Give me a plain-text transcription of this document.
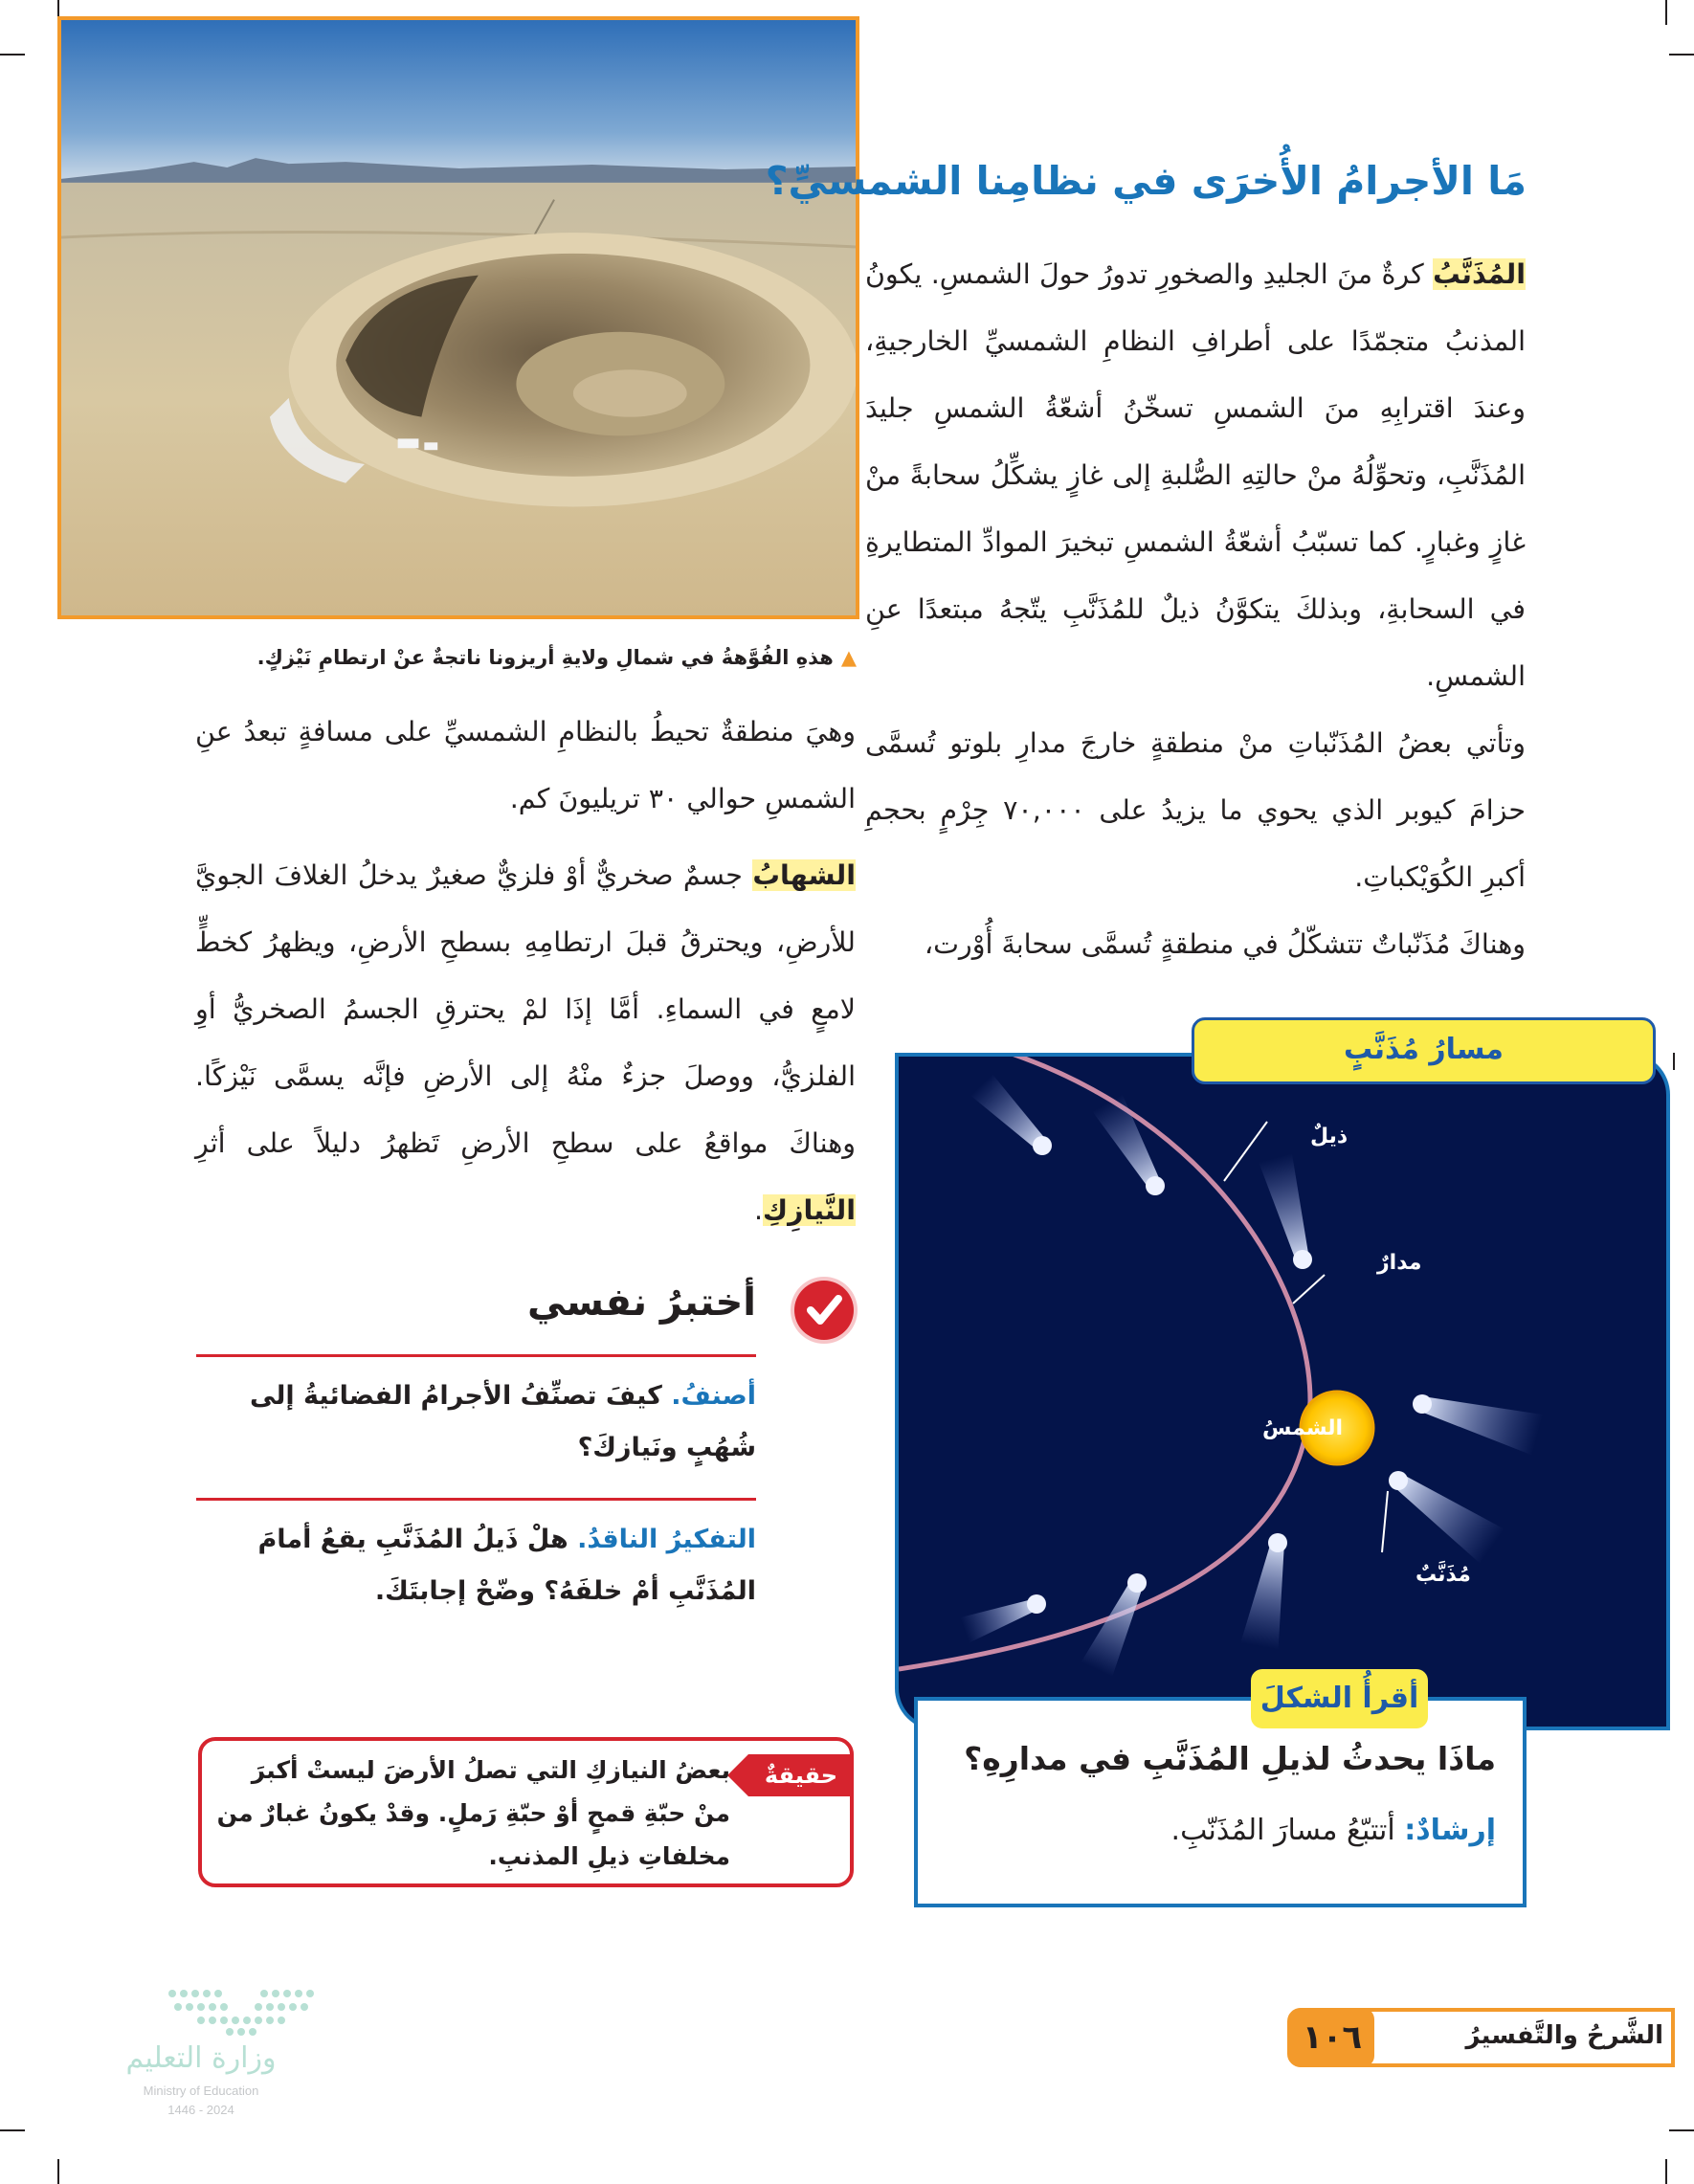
▲هذهِ الفُوَّهةُ في شمالِ ولايةِ أريزونا ناتجةٌ عنْ ارتطامِ نَيْزكٍ.
مَا الأجرامُ الأُخرَى في نظامِنا الشمسيِّ؟
المُذَنَّبُ كرةٌ منَ الجليدِ والصخورِ تدورُ حولَ الشمسِ. يكونُ المذنبُ متجمّدًا على أطرافِ النظامِ الشمسيِّ الخارجيةِ، وعندَ اقترابِهِ منَ الشمسِ تسخّنُ أشعّةُ الشمسِ جليدَ المُذَنَّبِ، وتحوِّلُهُ منْ حالتِهِ الصُّلبةِ إلى غازٍ يشكِّلُ سحابةً منْ غازٍ وغبارٍ. كما تسبّبُ أشعّةُ الشمسِ تبخيرَ الموادِّ المتطايرةِ في السحابةِ، وبذلكَ يتكوَّنُ ذيلٌ للمُذَنَّبِ يتّجهُ مبتعدًا عنِ الشمسِ.
وتأتي بعضُ المُذَنّباتِ منْ منطقةٍ خارجَ مدارِ بلوتو تُسمَّى حزامَ كيوبر الذي يحوي ما يزيدُ على ٧٠,٠٠٠ جِرْمٍ بحجمِ أكبرِ الكُوَيْكباتِ.
وهناكَ مُذَنّباتٌ تتشكّلُ في منطقةٍ تُسمَّى سحابةَ أُوْرت،
وهيَ منطقةٌ تحيطُ بالنظامِ الشمسيِّ على مسافةٍ تبعدُ عنِ الشمسِ حوالي ٣٠ تريليونَ كم.
الشهابُ جسمٌ صخريٌّ أوْ فلزيٌّ صغيرٌ يدخلُ الغلافَ الجويَّ للأرضِ، ويحترقُ قبلَ ارتطامِهِ بسطحِ الأرضِ، ويظهرُ كخطٍّ لامعٍ في السماءِ. أمَّا إذَا لمْ يحترقِ الجسمُ الصخريُّ أوِ الفلزيُّ، ووصلَ جزءٌ منْهُ إلى الأرضِ فإنَّه يسمَّى نَيْزكًا. وهناكَ مواقعُ على سطحِ الأرضِ تَظهرُ دليلاً على أثرِ النَّيازِكِ.
أختبرُ نفسي
أصنفُ. كيفَ تصنِّفُ الأجرامُ الفضائيةُ إلى شُهُبٍ ونَيازكَ؟
التفكيرُ الناقدُ. هلْ ذَيلُ المُذَنَّبِ يقعُ أمامَ المُذَنَّبِ أمْ خلفَهُ؟ وضّحْ إجابتَكَ.
حقيقةٌ
بعضُ النيازكِ التي تصلُ الأرضَ ليستْ أكبرَ منْ حبّةِ قمحٍ أوْ حبّةِ رَملٍ. وقدْ يكونُ غبارٌ من مخلفاتِ ذيلِ المذنبِ.
مسارُ مُذَنَّبٍ
ذيلٌ
مدارٌ
الشمسُ
مُذَنَّبٌ
أقرأُ الشكلَ
ماذَا يحدثُ لذيلِ المُذَنَّبِ في مدارِهِ؟
إرشادٌ: أتتبّعُ مسارَ المُذَنّبِ.
الشَّرحُ والتَّفسيرُ
١٠٦
وزارة التعليم
Ministry of Education
2024 - 1446
